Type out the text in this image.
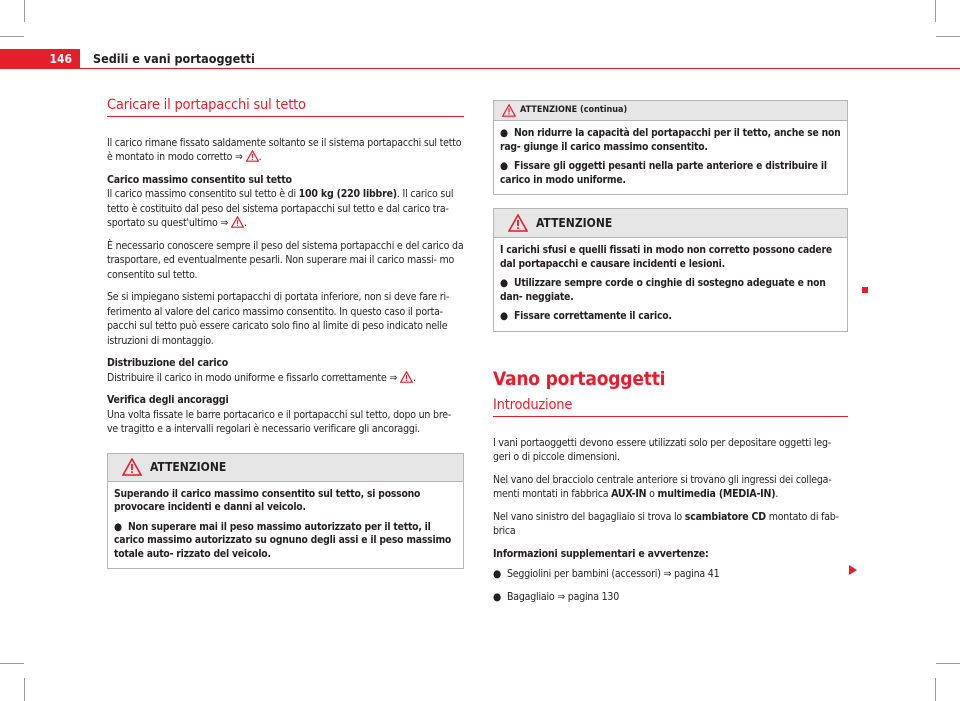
146	Sedili e vani portaoggetti
Caricare il portapacchi sul tetto

Il carico rimane fissato saldamente soltanto se il sistema portapacchi sul tetto è montato in modo corretto ⇒ .

Carico massimo consentito sul tetto

Il carico massimo consentito sul tetto è di 100 kg (220 libbre). Il carico sul tetto è costituito dal peso del sistema portapacchi sul tetto e dal carico tra- sportato su quest'ultimo ⇒ .

È necessario conoscere sempre il peso del sistema portapacchi e del carico da trasportare, ed eventualmente pesarli. Non superare mai il carico massi- mo consentito sul tetto.

Se si impiegano sistemi portapacchi di portata inferiore, non si deve fare ri- ferimento al valore del carico massimo consentito. In questo caso il porta- pacchi sul tetto può essere caricato solo fino al limite di peso indicato nelle istruzioni di montaggio.

Distribuzione del carico

Distribuire il carico in modo uniforme e fissarlo correttamente ⇒ .

Verifica degli ancoraggi

Una volta fissate le barre portacarico e il portapacchi sul tetto, dopo un bre- ve tragitto e a intervalli regolari è necessario verificare gli ancoraggi.

ATTENZIONE

Superando il carico massimo consentito sul tetto, si possono provocare incidenti e danni al veicolo.

● Non superare mai il peso massimo autorizzato per il tetto, il carico massimo autorizzato su ognuno degli assi e il peso massimo totale auto- rizzato del veicolo.

ATTENZIONE (continua)

● Non ridurre la capacità del portapacchi per il tetto, anche se non rag- giunge il carico massimo consentito.

● Fissare gli oggetti pesanti nella parte anteriore e distribuire il carico in modo uniforme.

ATTENZIONE

I carichi sfusi e quelli fissati in modo non corretto possono cadere dal portapacchi e causare incidenti e lesioni.

● Utilizzare sempre corde o cinghie di sostegno adeguate e non dan- neggiate.

● Fissare correttamente il carico.

Vano portaoggetti
Introduzione

I vani portaoggetti devono essere utilizzati solo per depositare oggetti leg- geri o di piccole dimensioni.

Nel vano del bracciolo centrale anteriore si trovano gli ingressi dei collega- menti montati in fabbrica AUX-IN o multimedia (MEDIA-IN).

Nel vano sinistro del bagagliaio si trova lo scambiatore CD montato di fab- brica

Informazioni supplementari e avvertenze:

● Seggiolini per bambini (accessori) ⇒ pagina 41

● Bagagliaio ⇒ pagina 130
